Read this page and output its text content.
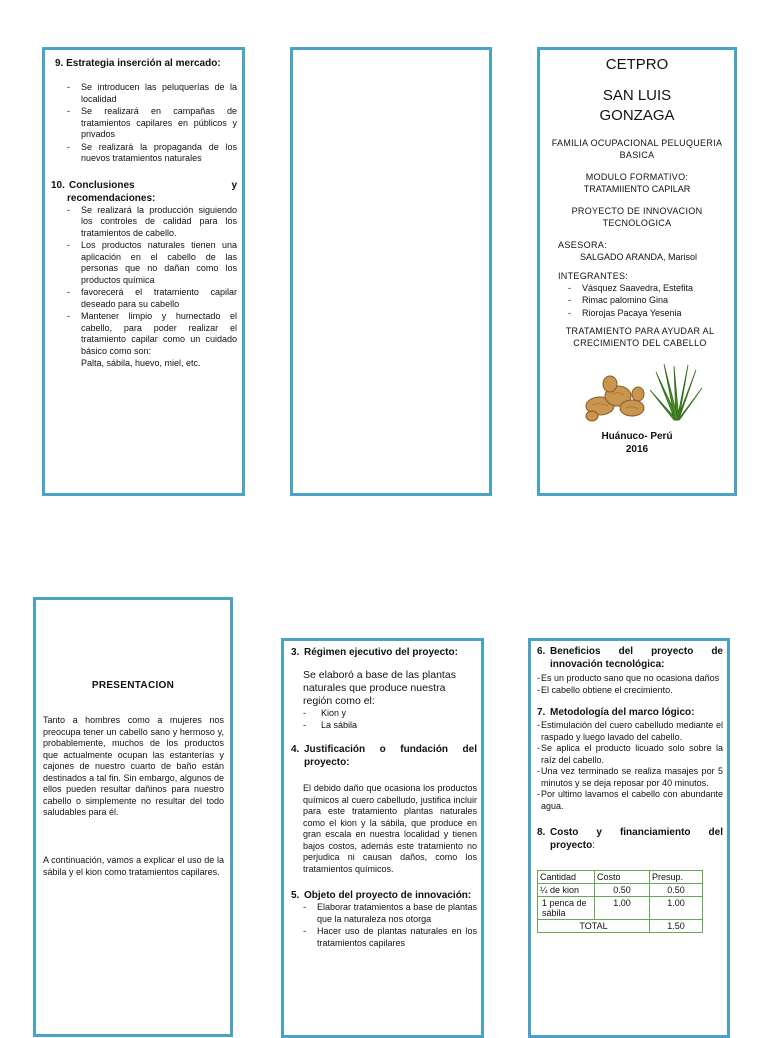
9. Estrategia inserción al mercado:
- Se introducen las peluquerías de la localidad
- Se realizará en campañas de tratamientos capilares en públicos y privados
- Se realizará la propaganda de los nuevos tratamientos naturales
10. Conclusiones	y
recomendaciones:
- Se realizará la producción siguiendo los controles de calidad para los tratamientos de cabello.
- Los productos naturales tienen una aplicación en el cabello de las personas que no dañan como los productos química
- favorecerá el tratamiento capilar deseado para su cabello
- Mantener limpio y humectado el cabello, para poder realizar el tratamiento capilar como un cuidado básico como son:
Palta, sábila, huevo, miel, etc.
CETPRO
SAN LUIS
GONZAGA
FAMILIA OCUPACIONAL PELUQUERIA BASICA
MODULO FORMATIVO:
TRATAMIIENTO CAPILAR
PROYECTO DE INNOVACION TECNOLOGICA
ASESORA:
SALGADO ARANDA, Marisol
INTEGRANTES:
- Vásquez Saavedra, Estefita
- Rimac palomino Gina
- Riorojas Pacaya Yesenia
TRATAMIENTO PARA AYUDAR AL CRECIMIENTO DEL CABELLO
Huánuco- Perú
2016
PRESENTACION
Tanto a hombres como a mujeres nos preocupa tener un cabello sano y hermoso y, probablemente, muchos de los productos que actualmente ocupan las estanterías y cajones de nuestro cuarto de baño están destinados a tal fin. Sin embargo, algunos de ellos pueden resultar dañinos para nuestro cabello o simplemente no resultar del todo saludables para él.
A continuación, vamos a explicar el uso de la sábila y el kion como tratamientos capilares.
3. Régimen ejecutivo del proyecto:
Se elaboró a base de las plantas naturales que produce nuestra región como el:
- Kion y
- La sábila
4. Justificación o fundación del proyecto:
El debido daño que ocasiona los productos químicos al cuero cabelludo, justifica incluir para este tratamiento plantas naturales como el kion y la sábila, que produce en gran escala en nuestra localidad y tienen bajos costos, además este tratamiento no perjudica ni causan daños, como los tratamientos químicos.
5. Objeto del proyecto de innovación:
- Elaborar tratamientos a base de plantas que la naturaleza nos otorga
- Hacer uso de plantas naturales en los tratamientos capilares
6. Beneficios del proyecto de innovación tecnológica:
- Es un producto sano que no ocasiona daños
- El cabello obtiene el crecimiento.
7. Metodología del marco lógico:
- Estimulación del cuero cabelludo mediante el raspado y luego lavado del cabello.
- Se aplica el producto licuado solo sobre la raíz del cabello.
- Una vez terminado se realiza masajes por 5 minutos y se deja reposar por 40 minutos.
- Por ultimo lavamos el cabello con abundante agua.
8. Costo y financiamiento del proyecto:
Cantidad	Costo	Presup.
¼ de kion	0.50	0.50
1 penca de sábila	1.00	1.00
TOTAL		1.50
